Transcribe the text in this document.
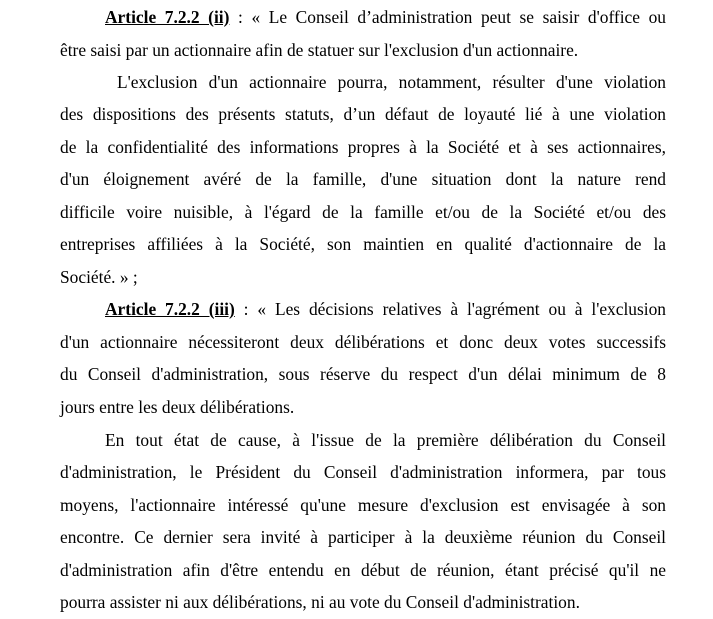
Article 7.2.2 (ii) : « Le Conseil d’administration peut se saisir d'office ou
être saisi par un actionnaire afin de statuer sur l'exclusion d'un actionnaire.
L'exclusion d'un actionnaire pourra, notamment, résulter d'une violation
des dispositions des présents statuts, d’un défaut de loyauté lié à une violation
de la confidentialité des informations propres à la Société et à ses actionnaires,
d'un éloignement avéré de la famille, d'une situation dont la nature rend
difficile voire nuisible, à l'égard de la famille et/ou de la Société et/ou des
entreprises affiliées à la Société, son maintien en qualité d'actionnaire de la
Société. » ;
Article 7.2.2 (iii) : « Les décisions relatives à l'agrément ou à l'exclusion
d'un actionnaire nécessiteront deux délibérations et donc deux votes successifs
du Conseil d'administration, sous réserve du respect d'un délai minimum de 8
jours entre les deux délibérations.
En tout état de cause, à l'issue de la première délibération du Conseil
d'administration, le Président du Conseil d'administration informera, par tous
moyens, l'actionnaire intéressé qu'une mesure d'exclusion est envisagée à son
encontre. Ce dernier sera invité à participer à la deuxième réunion du Conseil
d'administration afin d'être entendu en début de réunion, étant précisé qu'il ne
pourra assister ni aux délibérations, ni au vote du Conseil d'administration.
